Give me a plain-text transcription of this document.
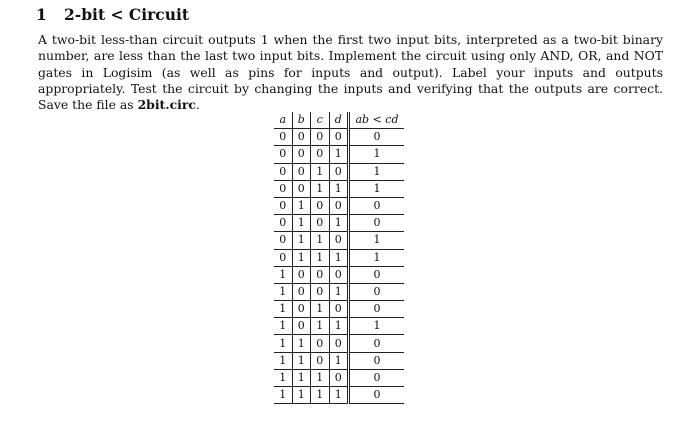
1 2-bit < Circuit
A two-bit less-than circuit outputs 1 when the first two input bits, interpreted as a two-bit binary number, are less than the last two input bits. Implement the circuit using only AND, OR, and NOT gates in Logisim (as well as pins for inputs and output). Label your inputs and outputs appropriately. Test the circuit by changing the inputs and verifying that the outputs are correct. Save the file as 2bit.circ.
a	b	c	d	ab < cd
0	0	0	0	0
0	0	0	1	1
0	0	1	0	1
0	0	1	1	1
0	1	0	0	0
0	1	0	1	0
0	1	1	0	1
0	1	1	1	1
1	0	0	0	0
1	0	0	1	0
1	0	1	0	0
1	0	1	1	1
1	1	0	0	0
1	1	0	1	0
1	1	1	0	0
1	1	1	1	0
